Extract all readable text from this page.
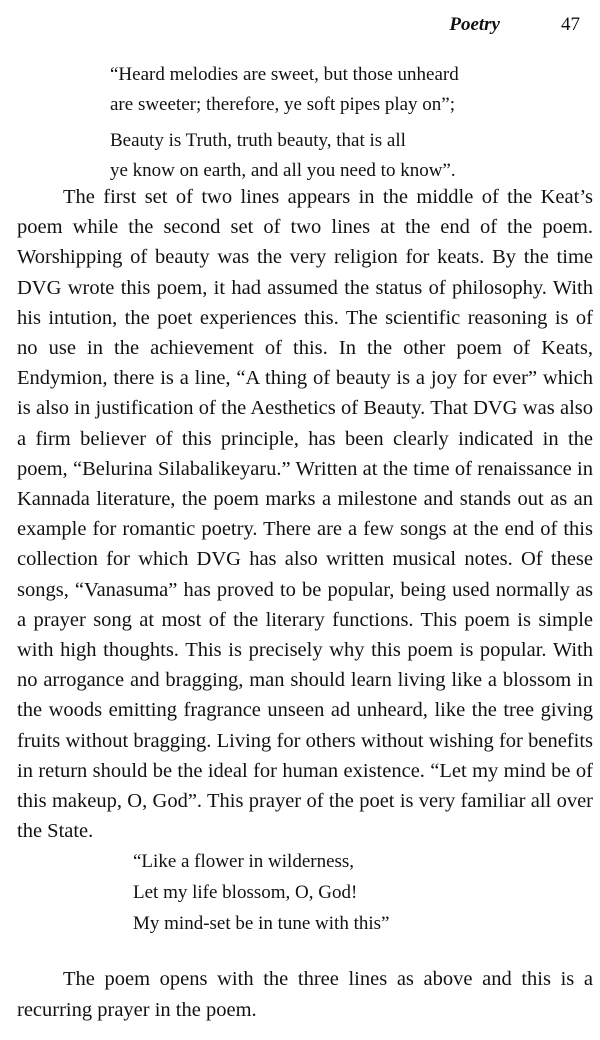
Poetry	47
“Heard melodies are sweet, but those unheard
are sweeter; therefore, ye soft pipes play on”;
Beauty is Truth, truth beauty, that is all
ye know on earth, and all you need to know”.

The first set of two lines appears in the middle of the Keat’s poem while the second set of two lines at the end of the poem. Worshipping of beauty was the very religion for keats. By the time DVG wrote this poem, it had assumed the status of philosophy. With his intution, the poet experiences this. The scientific reasoning is of no use in the achievement of this. In the other poem of Keats, Endymion, there is a line, “A thing of beauty is a joy for ever” which is also in justification of the Aesthetics of Beauty. That DVG was also a firm believer of this principle, has been clearly indicated in the poem, “Belurina Silabalikeyaru.” Written at the time of renaissance in Kannada literature, the poem marks a milestone and stands out as an example for romantic poetry. There are a few songs at the end of this collection for which DVG has also written musical notes. Of these songs, “Vanasuma” has proved to be popular, being used normally as a prayer song at most of the literary functions. This poem is simple with high thoughts. This is precisely why this poem is popular. With no arrogance and bragging, man should learn living like a blossom in the woods emitting fragrance unseen ad unheard, like the tree giving fruits without bragging. Living for others without wishing for benefits in return should be the ideal for human existence. “Let my mind be of this makeup, O, God”. This prayer of the poet is very familiar all over the State.

“Like a flower in wilderness,
Let my life blossom, O, God!
My mind-set be in tune with this”

The poem opens with the three lines as above and this is a recurring prayer in the poem.
